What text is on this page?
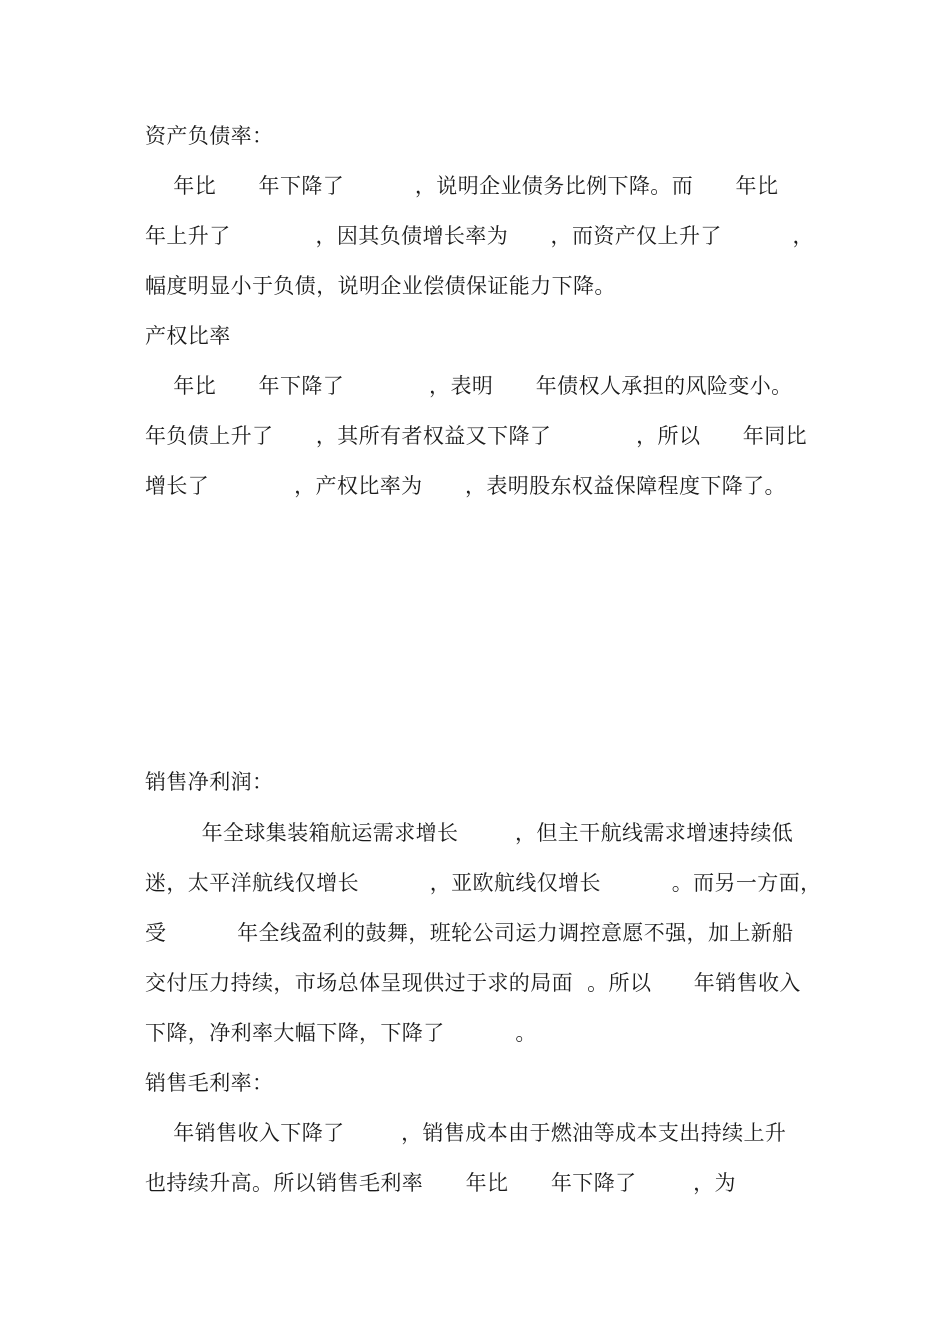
资产负债率：
年比      年下降了          ，说明企业债务比例下降。而      年比
年上升了            ，因其负债增长率为      ，而资产仅上升了          ，
幅度明显小于负债，说明企业偿债保证能力下降。
产权比率
年比      年下降了            ，表明      年债权人承担的风险变小。
年负债上升了      ，其所有者权益又下降了            ，所以      年同比
增长了            ，产权比率为      ，表明股东权益保障程度下降了。
销售净利润：
年全球集装箱航运需求增长        ，但主干航线需求增速持续低
迷，太平洋航线仅增长          ，亚欧航线仅增长          。而另一方面，
受          年全线盈利的鼓舞，班轮公司运力调控意愿不强，加上新船
交付压力持续，市场总体呈现供过于求的局面  。所以      年销售收入
下降，净利率大幅下降，下降了          。
销售毛利率：
年销售收入下降了        ，销售成本由于燃油等成本支出持续上升
也持续升高。所以销售毛利率      年比      年下降了        ，为
